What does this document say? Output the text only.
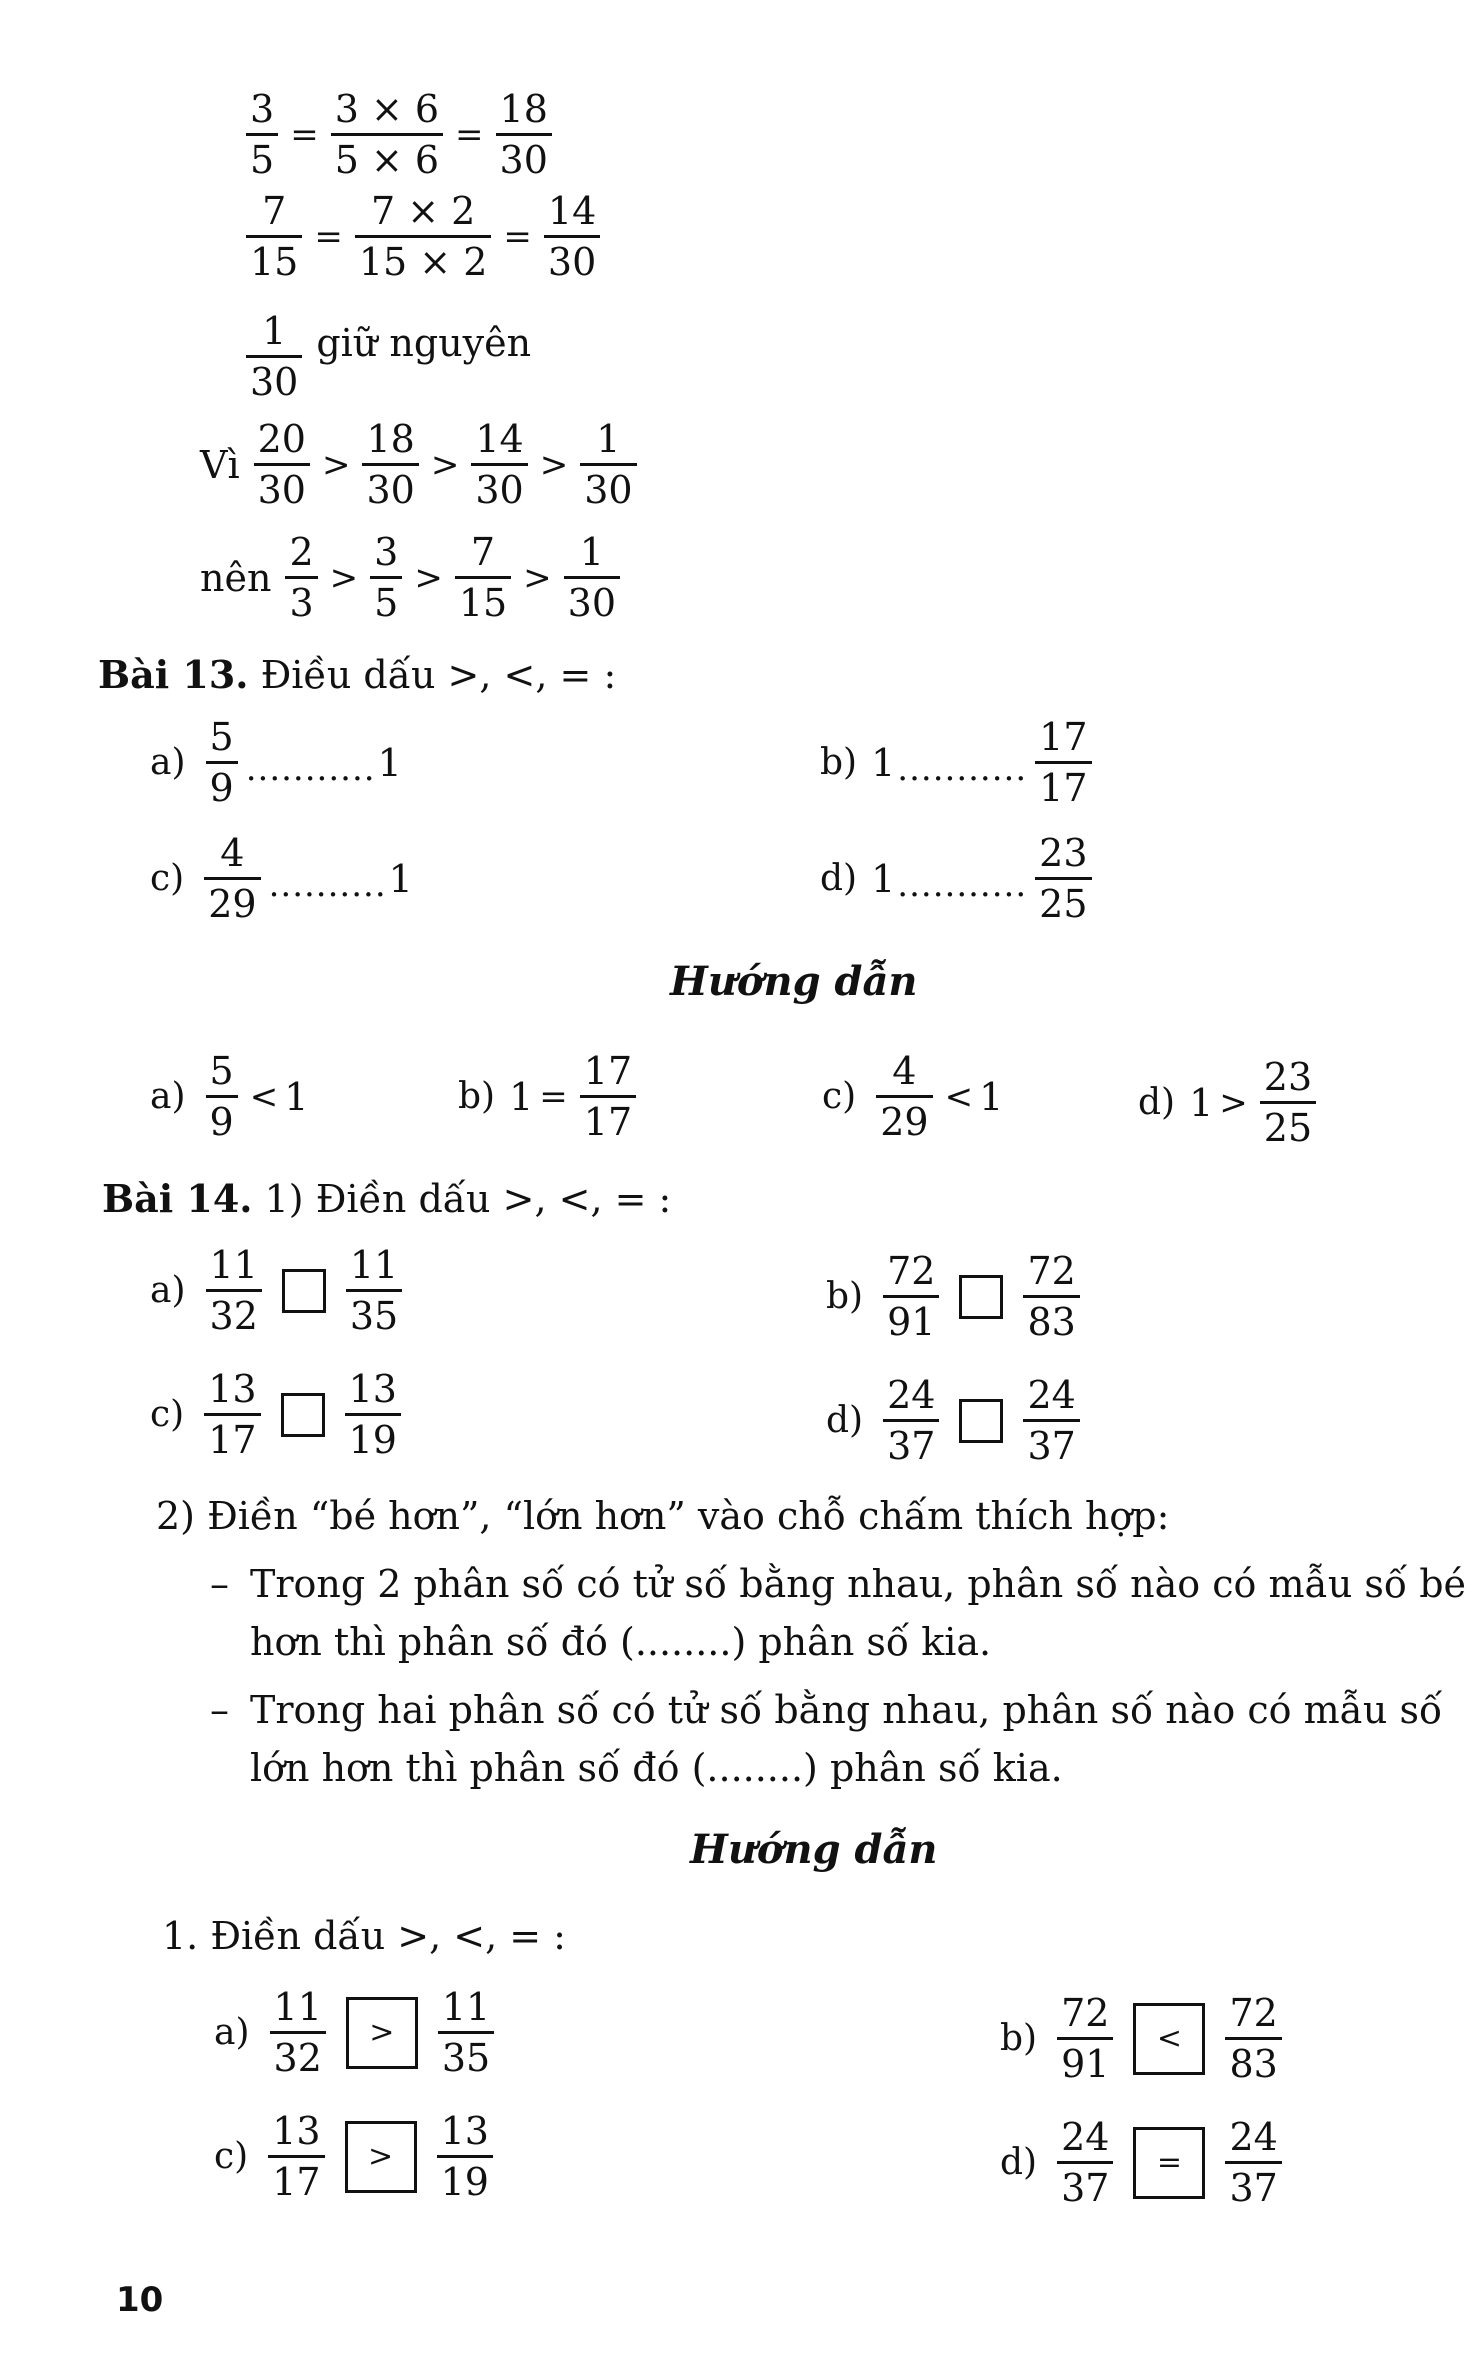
$\frac{3}{5} = \frac{3 \times 6}{5 \times 6} = \frac{18}{30}$
$\frac{7}{15} = \frac{7 \times 2}{15 \times 2} = \frac{14}{30}$
$\frac{1}{30}$ giữ nguyên
Vì $\frac{20}{30} > \frac{18}{30} > \frac{14}{30} > \frac{1}{30}$
nên $\frac{2}{3} > \frac{3}{5} > \frac{7}{15} > \frac{1}{30}$
Bài 13. Điều dấu >, <, = :
$a) \frac{5}{9}$ ........... 1	b) 1 ........... $\frac{17}{17}$
$c) \frac{4}{29}$ .......... 1	d) 1 ........... $\frac{23}{25}$
Hướng dẫn
$a) \frac{5}{9} < 1$	b) $1 = \frac{17}{17}$	$c) \frac{4}{29} < 1$	d) $1 > \frac{23}{25}$
Bài 14. 1) Điền dấu >, <, = :
$a) \frac{11}{32} \frac{11}{35}$	$b) \frac{72}{91} \frac{72}{83}$
$c) \frac{13}{17} \frac{13}{19}$	$d) \frac{24}{37} \frac{24}{37}$
2) Điền “bé hơn”, “lớn hơn” vào chỗ chấm thích hợp:
– Trong 2 phân số có tử số bằng nhau, phân số nào có mẫu số bé
hơn thì phân số đó (........) phân số kia.
– Trong hai phân số có tử số bằng nhau, phân số nào có mẫu số
lớn hơn thì phân số đó (........) phân số kia.
Hướng dẫn
1. Điền dấu >, <, = :
$a) \frac{11}{32}$	>	$\frac{11}{35}$	$b) \frac{72}{91}$	<	$\frac{72}{83}$
$c) \frac{13}{17}$	>	$\frac{13}{19}$	$d) \frac{24}{37}$	=	$\frac{24}{37}$
10
